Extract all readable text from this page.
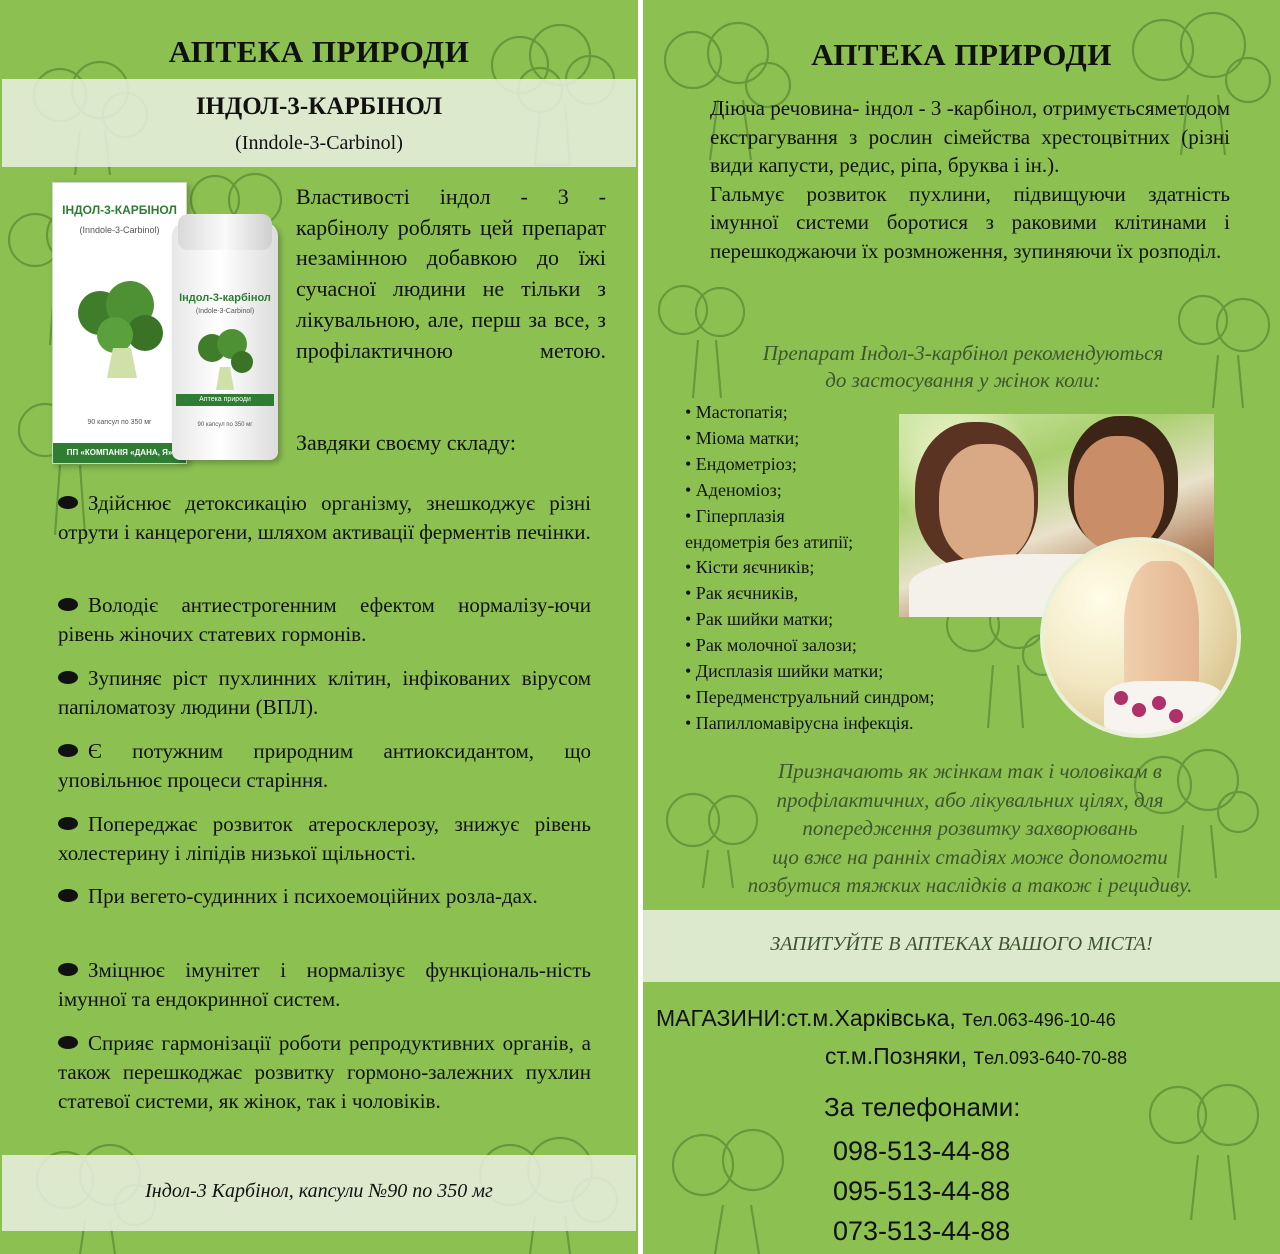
АПТЕКА ПРИРОДИ
ІНДОЛ-3-КАРБІНОЛ
(Inndole-3-Carbinol)
ІНДОЛ-3-КАРБІНОЛ
(Inndole-3-Carbinol)
90 капсул по 350 мг
ПП «КОМПАНІЯ «ДАНА, Я»
Індол-3-карбінол
(Indole-3-Carbinol)
Аптека природи
90 капсул по 350 мг
Властивості індол - 3 - карбінолу роблять цей препарат незамінною добавкою до їжі сучасної людини не тільки з лікувальною, але, перш за все, з профілактичною метою.
Завдяки своєму складу:
Здійснює детоксикацію організму, знешкоджує різні отрути і канцерогени, шляхом активації ферментів печінки.
Володіє антиестрогенним ефектом нормалізу-ючи рівень жіночих статевих гормонів.
Зупиняє ріст пухлинних клітин, інфікованих вірусом папіломатозу людини (ВПЛ).
Є потужним природним антиоксидантом, що уповільнює процеси старіння.
Попереджає розвиток атеросклерозу, знижує рівень холестерину і ліпідів низької щільності.
При вегето-судинних і психоемоційних розла-дах.
Зміцнює імунітет і нормалізує функціональ-ність імунної та ендокринної систем.
Сприяє гармонізації роботи репродуктивних органів, а також перешкоджає розвитку гормоно-залежних пухлин статевої системи, як жінок, так і чоловіків.
Індол-3 Карбінол, капсули №90 по 350 мг
АПТЕКА ПРИРОДИ

Діюча речовина- індол - 3 -карбінол, отримуєтьсяметодом екстрагування з рослин сімейства хрестоцвітних (різні види капусти, редис, ріпа, бруква і ін.).

Гальмує розвиток пухлини, підвищуючи здатність імунної системи боротися з раковими клітинами і перешкоджаючи їх розмноження, зупиняючи їх розподіл.

Препарат Індол-3-карбінол рекомендуються
до застосування у жінок коли:
• Мастопатія;
• Міома матки;
• Ендометріоз;
• Аденоміоз;
• Гіперплазія
ендометрія без атипії;
• Кісти яєчників;
• Рак яєчників,
• Рак шийки матки;
• Рак молочної залози;
• Дисплазія шийки матки;
• Передменструальний синдром;
• Папилломавірусна інфекція.
Призначають як жінкам так і чоловікам в
профілактичних, або лікувальних цілях, для
попередження розвитку захворювань
що вже на ранніх стадіях може допомогти
позбутися тяжких наслідків а також і рецидиву.
ЗАПИТУЙТЕ В АПТЕКАХ ВАШОГО МІСТА!
МАГАЗИНИ:ст.м.Харківська, тел.063-496-10-46
ст.м.Позняки, тел.093-640-70-88
За телефонами:
098-513-44-88
095-513-44-88
073-513-44-88
